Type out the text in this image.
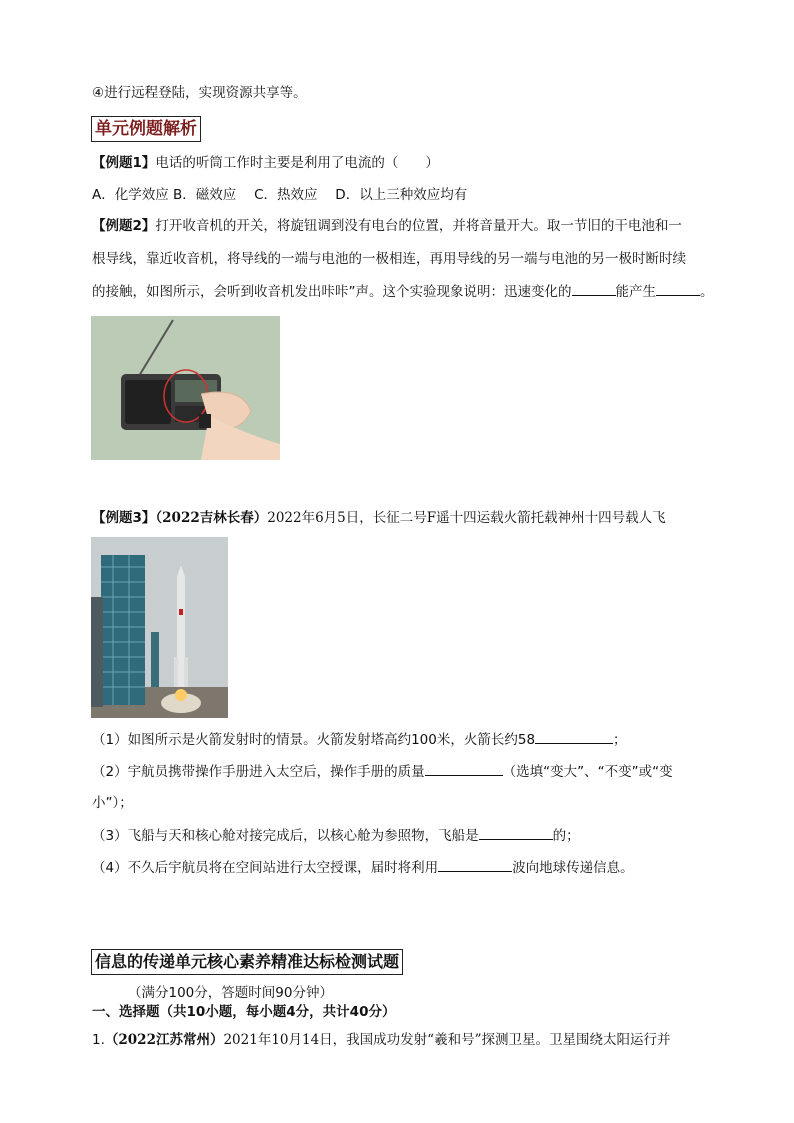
④进行远程登陆，实现资源共享等。
单元例题解析
【例题1】电话的听筒工作时主要是利用了电流的（　　）
A．化学效应 B．磁效应　 C．热效应　 D．以上三种效应均有
【例题2】打开收音机的开关，将旋钮调到没有电台的位置，并将音量开大。取一节旧的干电池和一
根导线，靠近收音机，将导线的一端与电池的一极相连，再用导线的另一端与电池的另一极时断时续
的接触，如图所示，会听到收音机发出咔咔”声。这个实验现象说明：迅速变化的	能产生	。
【例题3】（2022吉林长春）2022年6月5日，长征二号F遥十四运载火箭托载神州十四号载人飞
（1）如图所示是火箭发射时的情景。火箭发射塔高约100米，火箭长约58	；
（2）宇航员携带操作手册进入太空后，操作手册的质量	（选填“变大”、“不变”或“变
小”）；
（3）飞船与天和核心舱对接完成后，以核心舱为参照物，飞船是	的；
（4）不久后宇航员将在空间站进行太空授课，届时将利用	波向地球传递信息。
信息的传递单元核心素养精准达标检测试题
（满分100分，答题时间90分钟）
一、选择题（共10小题，每小题4分，共计40分）
1.（2022江苏常州）2021年10月14日，我国成功发射“羲和号”探测卫星。卫星围绕太阳运行并
